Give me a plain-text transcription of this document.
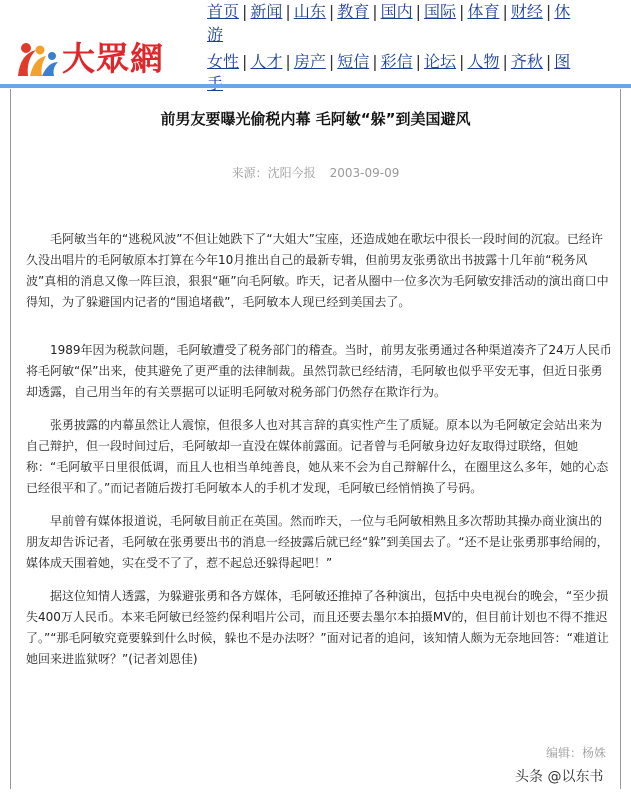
大眾網
首页 | 新闻 | 山东 | 教育 | 国内 | 国际 | 体育 | 财经 | 休
游
女性 | 人才 | 房产 | 短信 | 彩信 | 论坛 | 人物 | 齐秋 | 图
前男友要曝光偷税内幕 毛阿敏“躲”到美国避风
来源：沈阳今报 2003-09-09

毛阿敏当年的“逃税风波”不但让她跌下了“大姐大”宝座，还造成她在歌坛中很长一段时间的沉寂。已经许久没出唱片的毛阿敏原本打算在今年10月推出自己的最新专辑，但前男友张勇欲出书披露十几年前“税务风波”真相的消息又像一阵巨浪，狠狠“砸”向毛阿敏。昨天，记者从圈中一位多次为毛阿敏安排活动的演出商口中得知，为了躲避国内记者的“围追堵截”，毛阿敏本人现已经到美国去了。

1989年因为税款问题，毛阿敏遭受了税务部门的稽查。当时，前男友张勇通过各种渠道凑齐了24万人民币将毛阿敏“保”出来，使其避免了更严重的法律制裁。虽然罚款已经结清，毛阿敏也似乎平安无事，但近日张勇却透露，自己用当年的有关票据可以证明毛阿敏对税务部门仍然存在欺诈行为。

张勇披露的内幕虽然让人震惊，但很多人也对其言辞的真实性产生了质疑。原本以为毛阿敏定会站出来为自己辩护，但一段时间过后，毛阿敏却一直没在媒体前露面。记者曾与毛阿敏身边好友取得过联络，但她称：“毛阿敏平日里很低调，而且人也相当单纯善良，她从来不会为自己辩解什么，在圈里这么多年，她的心态已经很平和了。”而记者随后拨打毛阿敏本人的手机才发现，毛阿敏已经悄悄换了号码。

早前曾有媒体报道说，毛阿敏目前正在英国。然而昨天，一位与毛阿敏相熟且多次帮助其操办商业演出的朋友却告诉记者，毛阿敏在张勇要出书的消息一经披露后就已经“躲”到美国去了。“还不是让张勇那事给闹的，媒体成天围着她，实在受不了了，惹不起总还躲得起吧！”

据这位知情人透露，为躲避张勇和各方媒体，毛阿敏还推掉了各种演出，包括中央电视台的晚会，“至少损失400万人民币。本来毛阿敏已经签约保利唱片公司，而且还要去墨尔本拍摄MV的，但目前计划也不得不推迟了。”“那毛阿敏究竟要躲到什么时候，躲也不是办法呀？”面对记者的追问，该知情人颇为无奈地回答：“难道让她回来进监狱呀？”(记者刘恩佳)

编辑：杨姝
头条 @以东书
